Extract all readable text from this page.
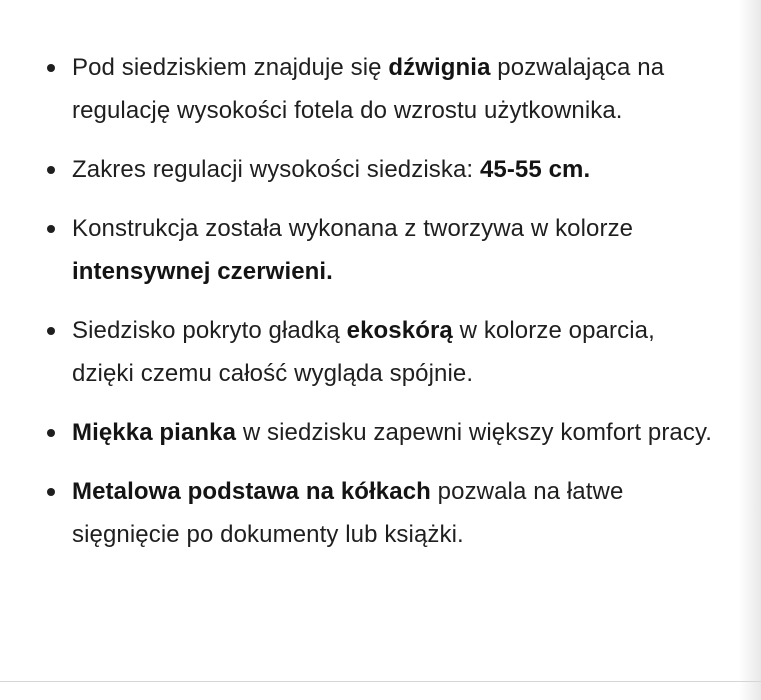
Pod siedziskiem znajduje się dźwignia pozwalająca na regulację wysokości fotela do wzrostu użytkownika.
Zakres regulacji wysokości siedziska: 45-55 cm.
Konstrukcja została wykonana z tworzywa w kolorze intensywnej czerwieni.
Siedzisko pokryto gładką ekoskórą w kolorze oparcia, dzięki czemu całość wygląda spójnie.
Miękka pianka w siedzisku zapewni większy komfort pracy.
Metalowa podstawa na kółkach pozwala na łatwe sięgnięcie po dokumenty lub książki.
